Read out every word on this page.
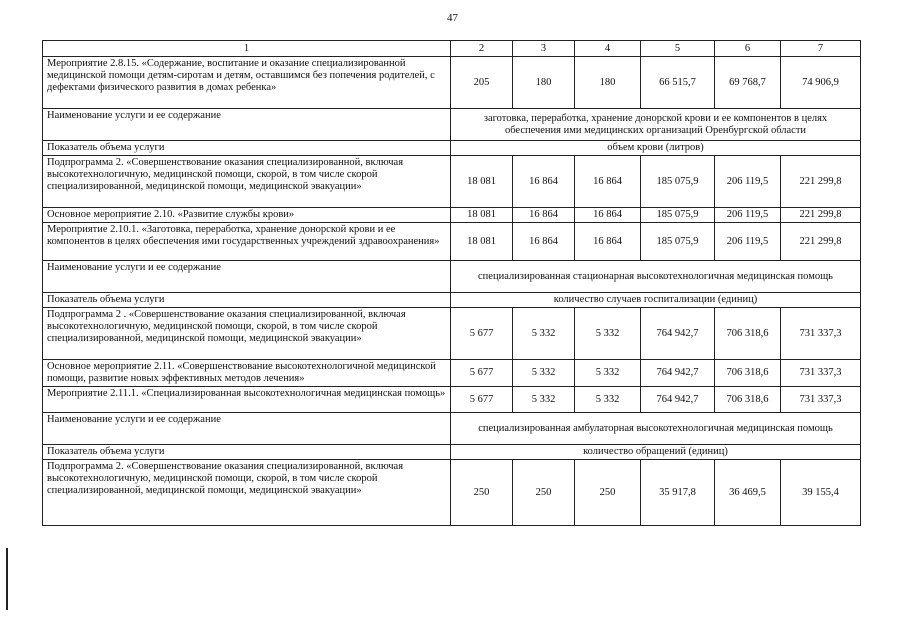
47
1	2	3	4	5	6	7
Мероприятие 2.8.15. «Содержание, воспитание и оказание специализированной медицинской помощи детям-сиротам и детям, оставшимся без попечения родителей, с дефектами физического развития в домах ребенка»	205	180	180	66 515,7	69 768,7	74 906,9
Наименование услуги и ее содержание	заготовка, переработка, хранение донорской крови и ее компонентов в целях обеспечения ими медицинских организаций Оренбургской области					
Показатель объема услуги	объем крови (литров)					
Подпрограмма 2. «Совершенствование оказания специализированной, включая высокотехнологичную, медицинской помощи, скорой, в том числе скорой специализированной, медицинской помощи, медицинской эвакуации»	18 081	16 864	16 864	185 075,9	206 119,5	221 299,8
Основное мероприятие 2.10. «Развитие службы крови»	18 081	16 864	16 864	185 075,9	206 119,5	221 299,8
Мероприятие 2.10.1. «Заготовка, переработка, хранение донорской крови и ее компонентов в целях обеспечения ими государственных учреждений здравоохранения»	18 081	16 864	16 864	185 075,9	206 119,5	221 299,8
Наименование услуги и ее содержание	специализированная стационарная высокотехнологичная медицинская помощь					
Показатель объема услуги	количество случаев госпитализации (единиц)					
Подпрограмма 2 . «Совершенствование оказания специализированной, включая высокотехнологичную, медицинской помощи, скорой, в том числе скорой специализированной, медицинской помощи, медицинской эвакуации»	5 677	5 332	5 332	764 942,7	706 318,6	731 337,3
Основное мероприятие 2.11. «Совершенствование высокотехнологичной медицинской помощи, развитие новых эффективных методов лечения»	5 677	5 332	5 332	764 942,7	706 318,6	731 337,3
Мероприятие 2.11.1. «Специализированная высокотехнологичная медицинская помощь»	5 677	5 332	5 332	764 942,7	706 318,6	731 337,3
Наименование услуги и ее содержание	специализированная амбулаторная высокотехнологичная медицинская помощь					
Показатель объема услуги	количество обращений (единиц)					
Подпрограмма 2. «Совершенствование оказания специализированной, включая высокотехнологичную, медицинской помощи, скорой, в том числе скорой специализированной, медицинской помощи, медицинской эвакуации»	250	250	250	35 917,8	36 469,5	39 155,4
